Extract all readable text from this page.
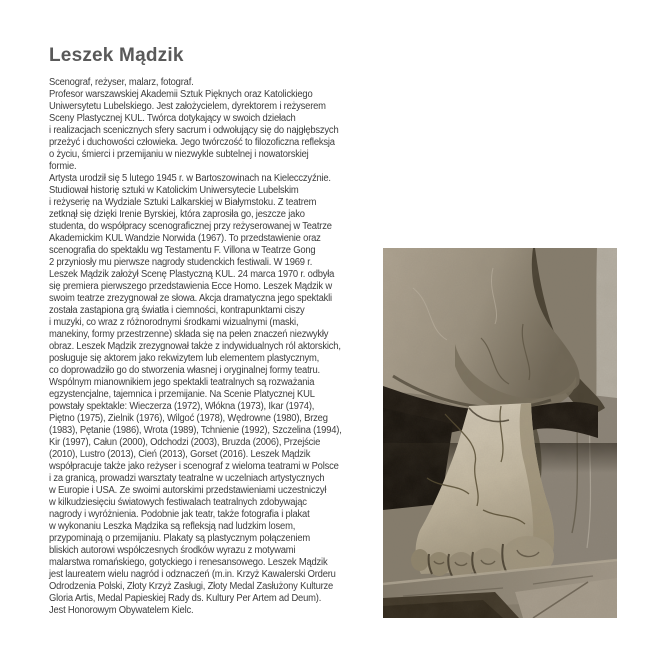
Leszek Mądzik
Scenograf, reżyser, malarz, fotograf.
Profesor warszawskiej Akademii Sztuk Pięknych oraz Katolickiego
Uniwersytetu Lubelskiego. Jest założycielem, dyrektorem i reżyserem
Sceny Plastycznej KUL. Twórca dotykający w swoich dziełach
i realizacjach scenicznych sfery sacrum i odwołujący się do najgłębszych
przeżyć i duchowości człowieka. Jego twórczość to filozoficzna refleksja
o życiu, śmierci i przemijaniu w niezwykle subtelnej i nowatorskiej
formie.
Artysta urodził się 5 lutego 1945 r. w Bartoszowinach na Kielecczyźnie.
Studiował historię sztuki w Katolickim Uniwersytecie Lubelskim
i reżyserię na Wydziale Sztuki Lalkarskiej w Białymstoku. Z teatrem
zetknął się dzięki Irenie Byrskiej, która zaprosiła go, jeszcze jako
studenta, do współpracy scenograficznej przy reżyserowanej w Teatrze
Akademickim KUL Wandzie Norwida (1967). To przedstawienie oraz
scenografia do spektaklu wg Testamentu F. Villona w Teatrze Gong
2 przyniosły mu pierwsze nagrody studenckich festiwali. W 1969 r.
Leszek Mądzik założył Scenę Plastyczną KUL. 24 marca 1970 r. odbyła
się premiera pierwszego przedstawienia Ecce Homo. Leszek Mądzik w
swoim teatrze zrezygnował ze słowa. Akcja dramatyczna jego spektakli
została zastąpiona grą światła i ciemności, kontrapunktami ciszy
i muzyki, co wraz z różnorodnymi środkami wizualnymi (maski,
manekiny, formy przestrzenne) składa się na pełen znaczeń niezwykły
obraz. Leszek Mądzik zrezygnował także z indywidualnych ról aktorskich,
posługuje się aktorem jako rekwizytem lub elementem plastycznym,
co doprowadziło go do stworzenia własnej i oryginalnej formy teatru.
Wspólnym mianownikiem jego spektakli teatralnych są rozważania
egzystencjalne, tajemnica i przemijanie. Na Scenie Platycznej KUL
powstały spektakle: Wieczerza (1972), Włókna (1973), Ikar (1974),
Piętno (1975), Zielnik (1976), Wilgoć (1978), Wędrowne (1980), Brzeg
(1983), Pętanie (1986), Wrota (1989), Tchnienie (1992), Szczelina (1994),
Kir (1997), Całun (2000), Odchodzi (2003), Bruzda (2006), Przejście
(2010), Lustro (2013), Cień (2013), Gorset (2016). Leszek Mądzik
współpracuje także jako reżyser i scenograf z wieloma teatrami w Polsce
i za granicą, prowadzi warsztaty teatralne w uczelniach artystycznych
w Europie i USA. Ze swoimi autorskimi przedstawieniami uczestniczył
w kilkudziesięciu światowych festiwalach teatralnych zdobywając
nagrody i wyróżnienia. Podobnie jak teatr, także fotografia i plakat
w wykonaniu Leszka Mądzika są refleksją nad ludzkim losem,
przypominają o przemijaniu. Plakaty są plastycznym połączeniem
bliskich autorowi współczesnych środków wyrazu z motywami
malarstwa romańskiego, gotyckiego i renesansowego. Leszek Mądzik
jest laureatem wielu nagród i odznaczeń (m.in. Krzyż Kawalerski Orderu
Odrodzenia Polski, Złoty Krzyż Zasługi, Złoty Medal Zasłużony Kulturze
Gloria Artis, Medal Papieskiej Rady ds. Kultury Per Artem ad Deum).
Jest Honorowym Obywatelem Kielc.
